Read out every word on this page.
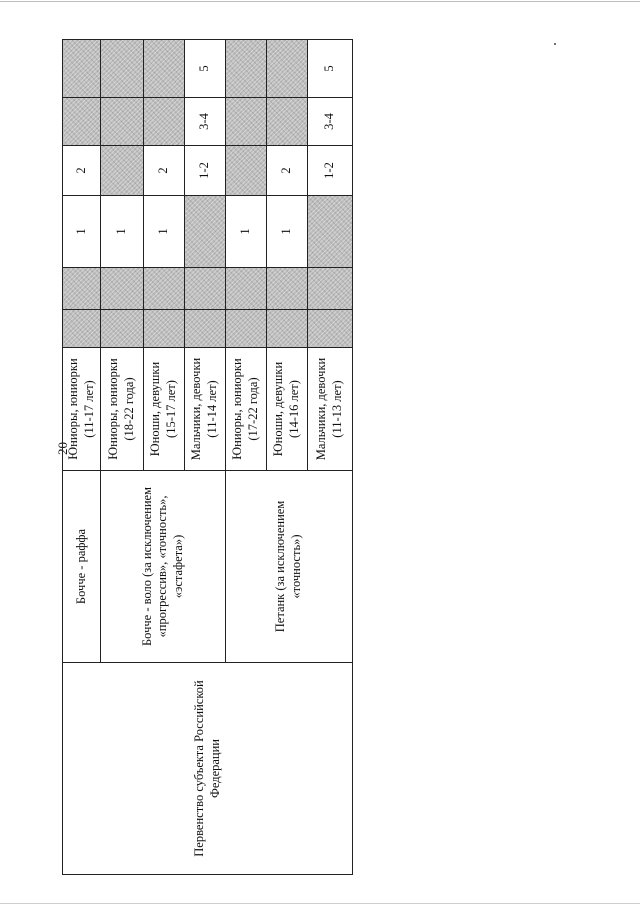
20
Первенство субъекта Российской Федерации	Бочче - раффа	Юниоры, юниорки (11-17 лет)			1	2		
	Бочче - воло (за исключением «прогрессив», «точность», «эстафета»)	Юниоры, юниорки (18-22 года)			1			
		Юноши, девушки (15-17 лет)			1	2		
		Мальчики, девочки (11-14 лет)				1-2	3-4	5
	Петанк (за исключением «точность»)	Юниоры, юниорки (17-22 года)			1			
		Юноши, девушки (14-16 лет)			1	2		
		Мальчики, девочки (11-13 лет)				1-2	3-4	5
